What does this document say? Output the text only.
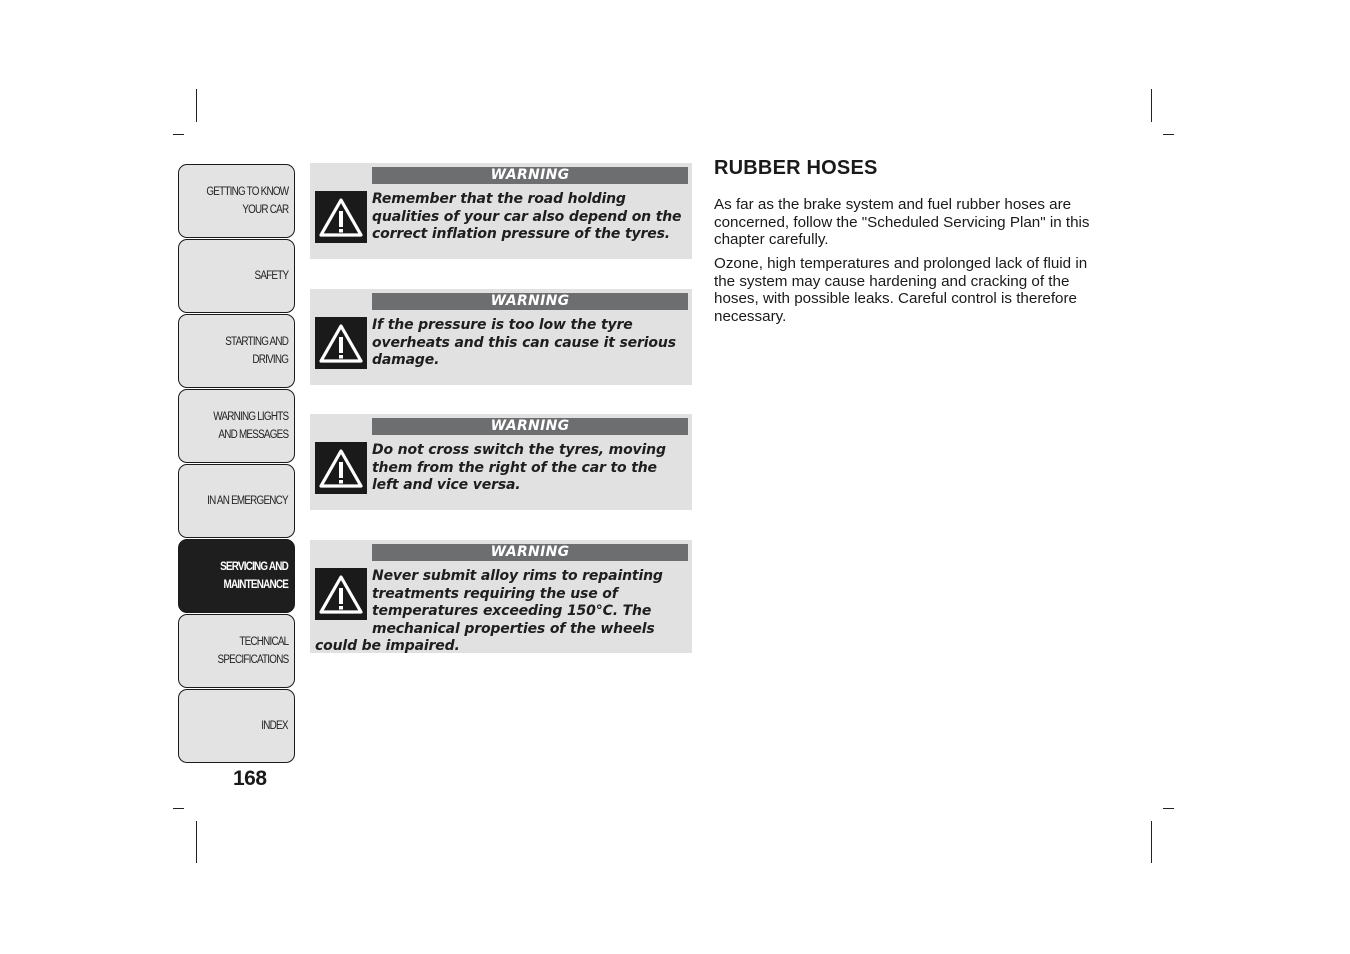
GETTING TO KNOW
YOUR CAR
SAFETY
STARTING AND
DRIVING
WARNING LIGHTS
AND MESSAGES
IN AN EMERGENCY
SERVICING AND
MAINTENANCE
TECHNICAL
SPECIFICATIONS
INDEX
168
WARNING
Remember that the road holding qualities of your car also depend on the correct inflation pressure of the tyres.
WARNING
If the pressure is too low the tyre overheats and this can cause it serious damage.
WARNING
Do not cross switch the tyres, moving them from the right of the car to the left and vice versa.
WARNING
Never submit alloy rims to repainting treatments requiring the use of temperatures exceeding 150°C. The mechanical properties of the wheels could be impaired.
RUBBER HOSES

As far as the brake system and fuel rubber hoses are concerned, follow the "Scheduled Servicing Plan" in this chapter carefully.

Ozone, high temperatures and prolonged lack of fluid in the system may cause hardening and cracking of the hoses, with possible leaks. Careful control is therefore necessary.
